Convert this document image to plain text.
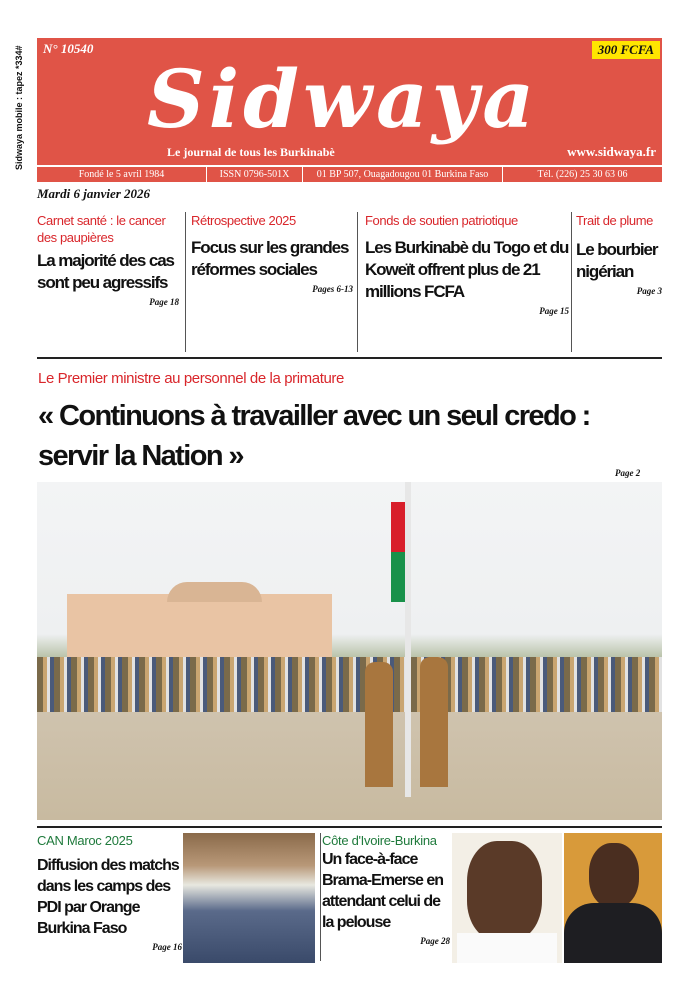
Sidwaya mobile : tapez *334# N° 10540	300 FCFA
Sidwaya
Le journal de tous les Burkinabè	www.sidwaya.fr
Fondé le 5 avril 1984	ISSN 0796-501X	01 BP 507, Ouagadougou 01 Burkina Faso	Tél. (226) 25 30 63 06
Mardi 6 janvier 2026
Carnet santé : le cancer des paupières
La majorité des cas sont peu agressifs
Page 18
Rétrospective 2025
Focus sur les grandes réformes sociales
Pages 6-13
Fonds de soutien patriotique
Les Burkinabè du Togo et du Koweït offrent plus de 21 millions FCFA
Page 15
Trait de plume
Le bourbier nigérian
Page 3
Le Premier ministre au personnel de la primature
« Continuons à travailler avec un seul credo : servir la Nation »
Page 2
CAN Maroc 2025
Diffusion des matchs dans les camps des PDI par Orange Burkina Faso
Page 16
Côte d'Ivoire-Burkina
Un face-à-face Brama-Emerse en attendant celui de la pelouse
Page 28
